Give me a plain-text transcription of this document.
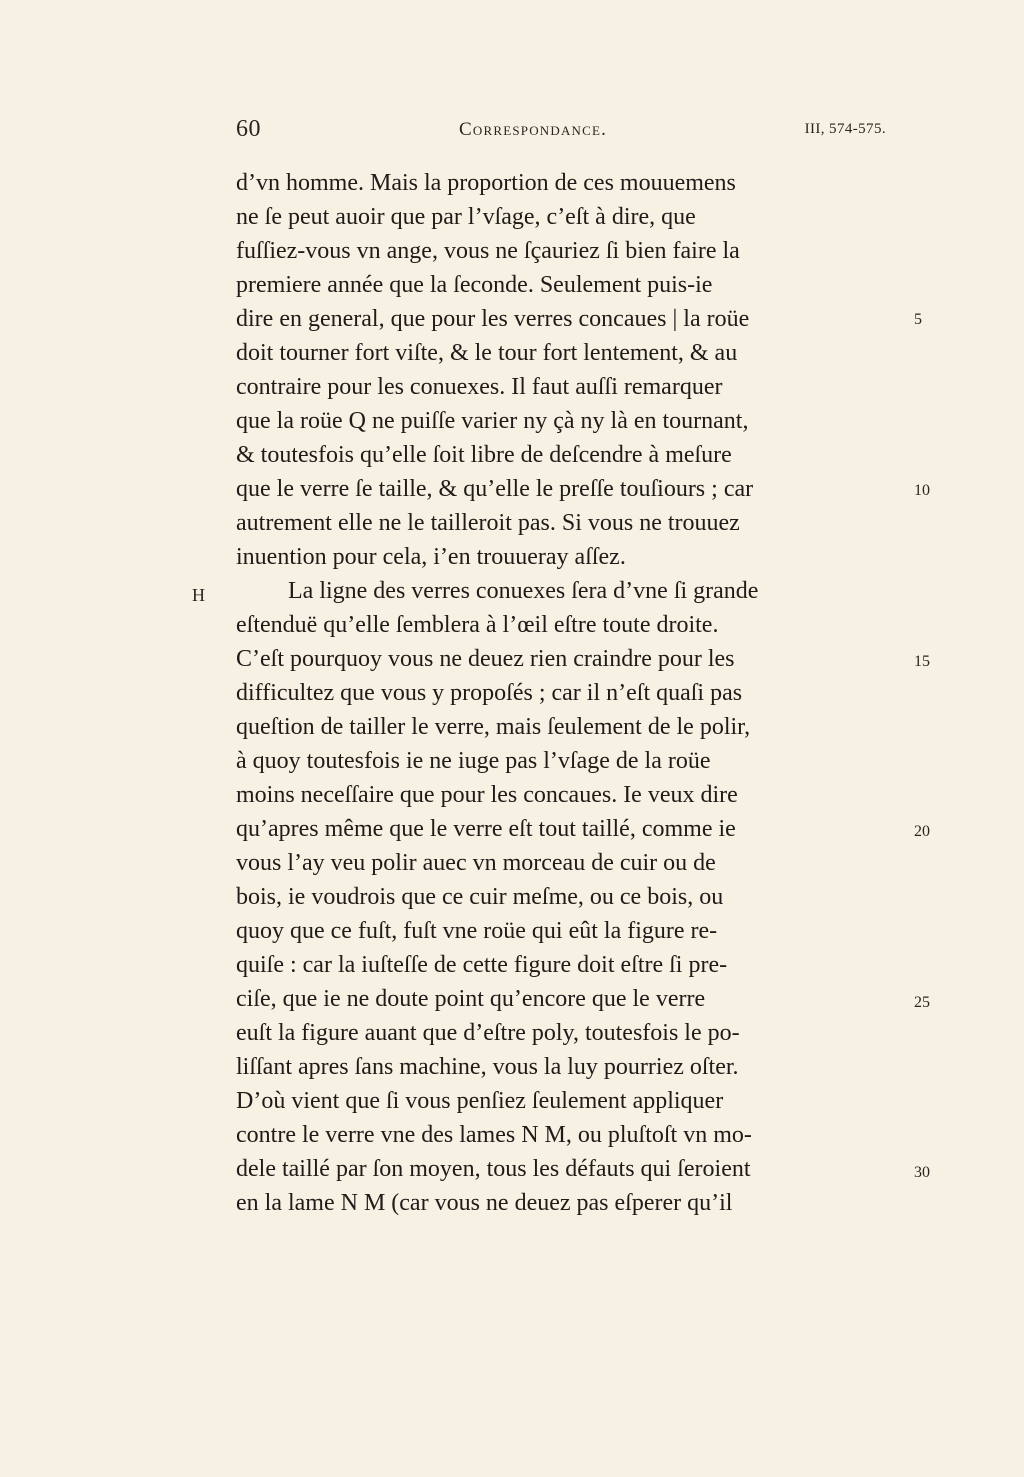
60	Correspondance.	III, 574-575.
H
5
10
15
20
25
30
d’vn homme. Mais la proportion de ces mouuemens
ne ſe peut auoir que par l’vſage, c’eſt à dire, que
fuſſiez-vous vn ange, vous ne ſçauriez ſi bien faire la
premiere année que la ſeconde. Seulement puis-ie
dire en general, que pour les verres concaues | la roüe
doit tourner fort viſte, & le tour fort lentement, & au
contraire pour les conuexes. Il faut auſſi remarquer
que la roüe Q ne puiſſe varier ny çà ny là en tournant,
& toutesfois qu’elle ſoit libre de deſcendre à meſure
que le verre ſe taille, & qu’elle le preſſe touſiours ; car
autrement elle ne le tailleroit pas. Si vous ne trouuez
inuention pour cela, i’en trouueray aſſez.
La ligne des verres conuexes ſera d’vne ſi grande
eſtenduë qu’elle ſemblera à l’œil eſtre toute droite.
C’eſt pourquoy vous ne deuez rien craindre pour les
difficultez que vous y propoſés ; car il n’eſt quaſi pas
queſtion de tailler le verre, mais ſeulement de le polir,
à quoy toutesfois ie ne iuge pas l’vſage de la roüe
moins neceſſaire que pour les concaues. Ie veux dire
qu’apres même que le verre eſt tout taillé, comme ie
vous l’ay veu polir auec vn morceau de cuir ou de
bois, ie voudrois que ce cuir meſme, ou ce bois, ou
quoy que ce fuſt, fuſt vne roüe qui eût la figure re-
quiſe : car la iuſteſſe de cette figure doit eſtre ſi pre-
ciſe, que ie ne doute point qu’encore que le verre
euſt la figure auant que d’eſtre poly, toutesfois le po-
liſſant apres ſans machine, vous la luy pourriez oſter.
D’où vient que ſi vous penſiez ſeulement appliquer
contre le verre vne des lames N M, ou pluſtoſt vn mo-
dele taillé par ſon moyen, tous les défauts qui ſeroient
en la lame N M (car vous ne deuez pas eſperer qu’il
